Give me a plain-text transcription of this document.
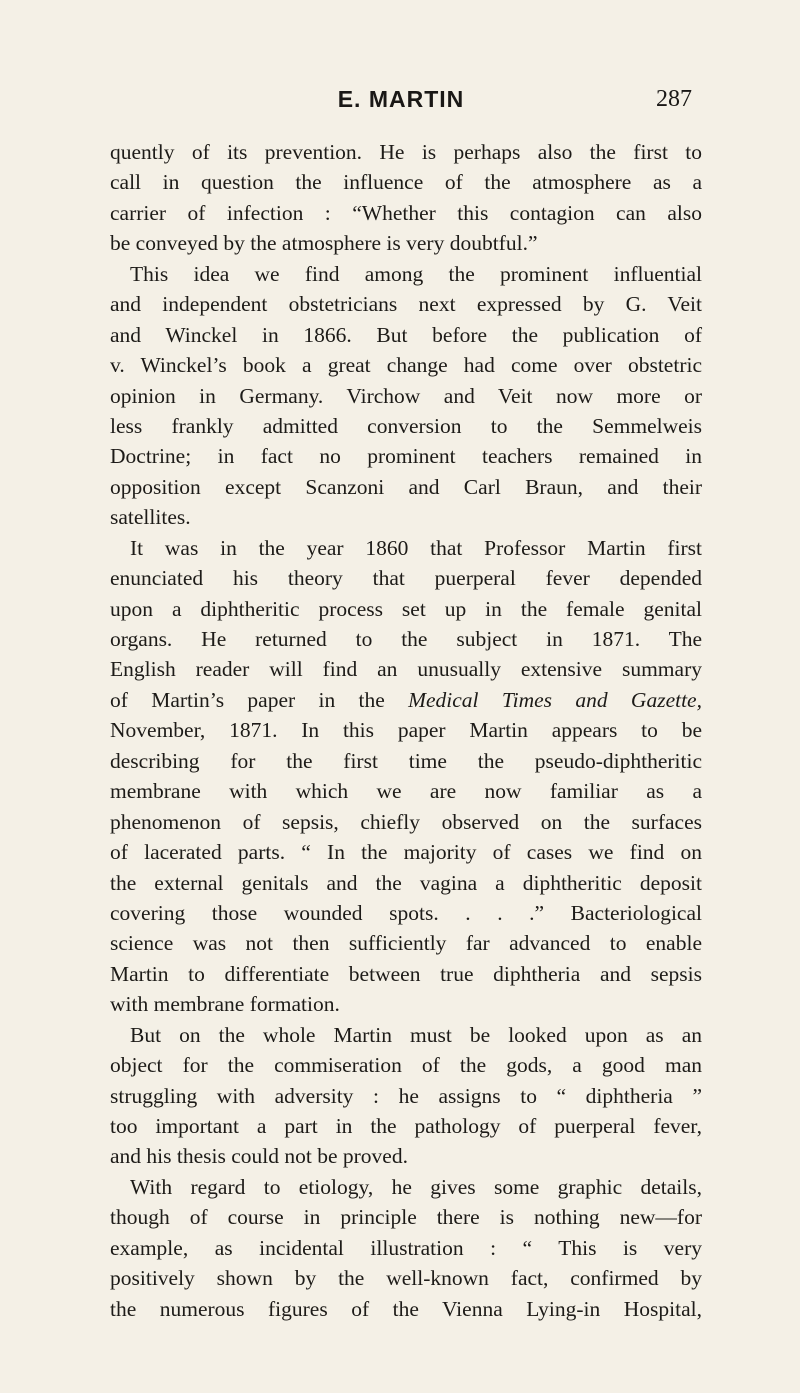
E. MARTIN	287
quently of its prevention. He is perhaps also the first to
call in question the influence of the atmosphere as a
carrier of infection : “Whether this contagion can also
be conveyed by the atmosphere is very doubtful.”
This idea we find among the prominent influential
and independent obstetricians next expressed by G. Veit
and Winckel in 1866. But before the publication of
v. Winckel’s book a great change had come over obstetric
opinion in Germany. Virchow and Veit now more or
less frankly admitted conversion to the Semmelweis
Doctrine; in fact no prominent teachers remained in
opposition except Scanzoni and Carl Braun, and their
satellites.
It was in the year 1860 that Professor Martin first
enunciated his theory that puerperal fever depended
upon a diphtheritic process set up in the female genital
organs. He returned to the subject in 1871. The
English reader will find an unusually extensive summary
of Martin’s paper in the Medical Times and Gazette,
November, 1871. In this paper Martin appears to be
describing for the first time the pseudo-diphtheritic
membrane with which we are now familiar as a
phenomenon of sepsis, chiefly observed on the surfaces
of lacerated parts. “ In the majority of cases we find on
the external genitals and the vagina a diphtheritic deposit
covering those wounded spots. . . .” Bacteriological
science was not then sufficiently far advanced to enable
Martin to differentiate between true diphtheria and sepsis
with membrane formation.
But on the whole Martin must be looked upon as an
object for the commiseration of the gods, a good man
struggling with adversity : he assigns to “ diphtheria ”
too important a part in the pathology of puerperal fever,
and his thesis could not be proved.
With regard to etiology, he gives some graphic details,
though of course in principle there is nothing new—for
example, as incidental illustration : “ This is very
positively shown by the well-known fact, confirmed by
the numerous figures of the Vienna Lying-in Hospital,
